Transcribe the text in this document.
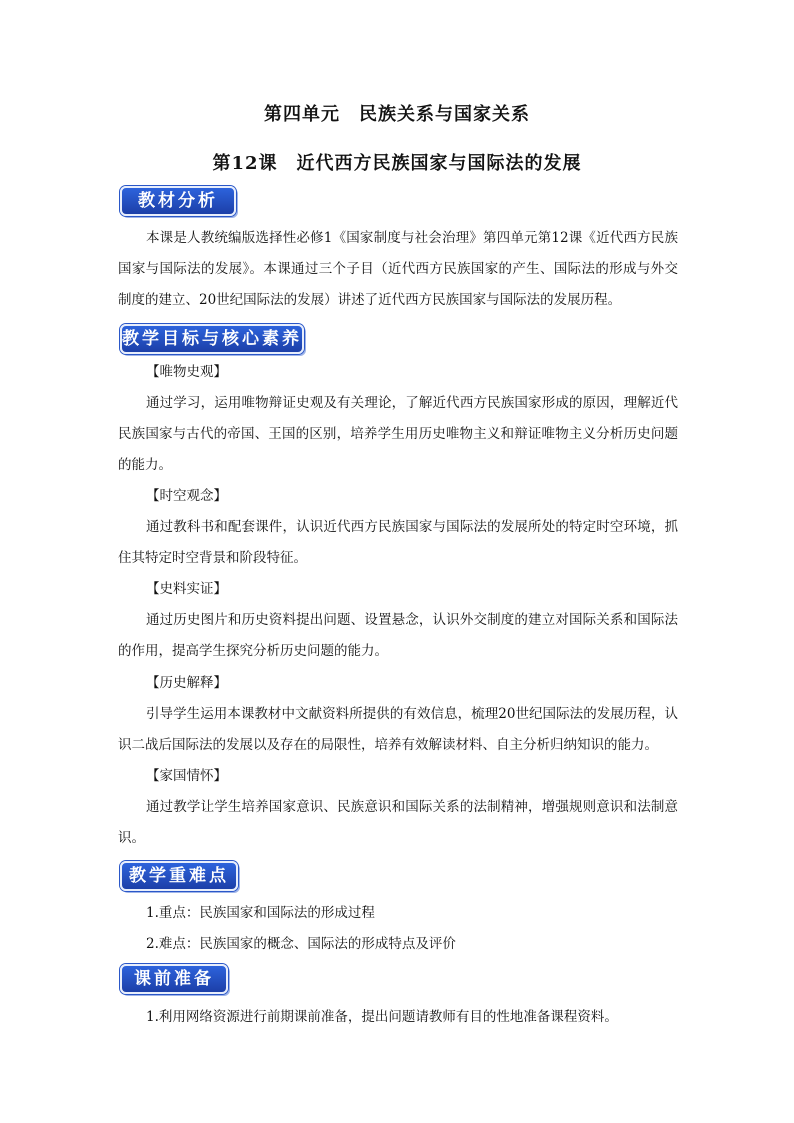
第四单元　民族关系与国家关系
第12课　近代西方民族国家与国际法的发展
教材分析

本课是人教统编版选择性必修1《国家制度与社会治理》第四单元第12课《近代西方民族国家与国际法的发展》。本课通过三个子目（近代西方民族国家的产生、国际法的形成与外交制度的建立、20世纪国际法的发展）讲述了近代西方民族国家与国际法的发展历程。

教学目标与核心素养
【唯物史观】

通过学习，运用唯物辩证史观及有关理论，了解近代西方民族国家形成的原因，理解近代民族国家与古代的帝国、王国的区别，培养学生用历史唯物主义和辩证唯物主义分析历史问题的能力。

【时空观念】

通过教科书和配套课件，认识近代西方民族国家与国际法的发展所处的特定时空环境，抓住其特定时空背景和阶段特征。

【史料实证】

通过历史图片和历史资料提出问题、设置悬念，认识外交制度的建立对国际关系和国际法的作用，提高学生探究分析历史问题的能力。

【历史解释】

引导学生运用本课教材中文献资料所提供的有效信息，梳理20世纪国际法的发展历程，认识二战后国际法的发展以及存在的局限性，培养有效解读材料、自主分析归纳知识的能力。

【家国情怀】

通过教学让学生培养国家意识、民族意识和国际关系的法制精神，增强规则意识和法制意识。

教学重难点
1.重点：民族国家和国际法的形成过程
2.难点：民族国家的概念、国际法的形成特点及评价
课前准备
1.利用网络资源进行前期课前准备，提出问题请教师有目的性地准备课程资料。
